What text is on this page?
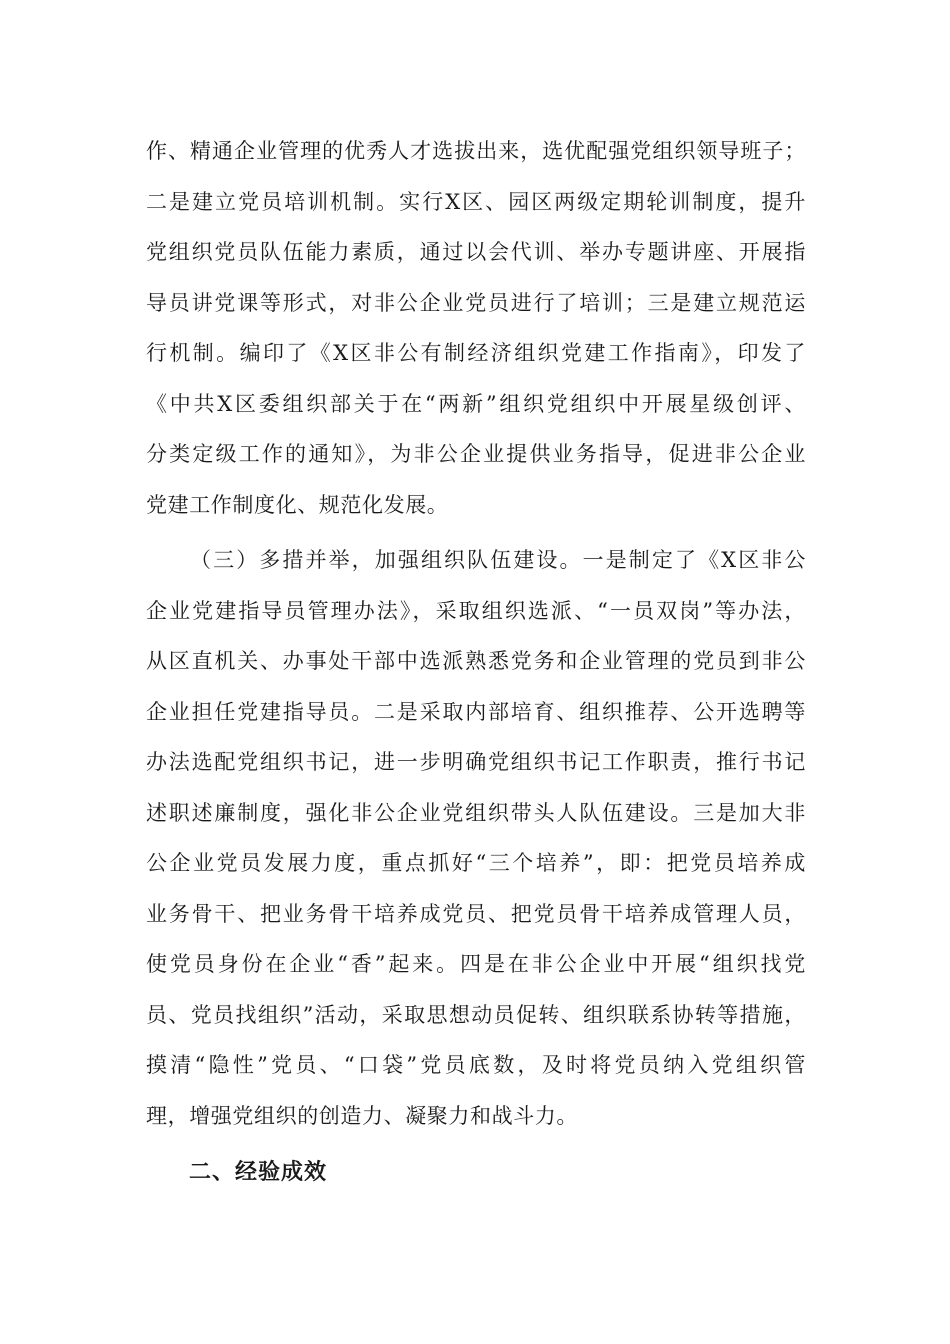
作、精通企业管理的优秀人才选拔出来，选优配强党组织领导班子；
二是建立党员培训机制。实行X区、园区两级定期轮训制度，提升
党组织党员队伍能力素质，通过以会代训、举办专题讲座、开展指
导员讲党课等形式，对非公企业党员进行了培训；三是建立规范运
行机制。编印了《X区非公有制经济组织党建工作指南》，印发了
《中共X区委组织部关于在“两新”组织党组织中开展星级创评、
分类定级工作的通知》，为非公企业提供业务指导，促进非公企业
党建工作制度化、规范化发展。
（三）多措并举，加强组织队伍建设。一是制定了《X区非公
企业党建指导员管理办法》，采取组织选派、“一员双岗”等办法，
从区直机关、办事处干部中选派熟悉党务和企业管理的党员到非公
企业担任党建指导员。二是采取内部培育、组织推荐、公开选聘等
办法选配党组织书记，进一步明确党组织书记工作职责，推行书记
述职述廉制度，强化非公企业党组织带头人队伍建设。三是加大非
公企业党员发展力度，重点抓好“三个培养”，即：把党员培养成
业务骨干、把业务骨干培养成党员、把党员骨干培养成管理人员，
使党员身份在企业“香”起来。四是在非公企业中开展“组织找党
员、党员找组织”活动，采取思想动员促转、组织联系协转等措施，
摸清“隐性”党员、“口袋”党员底数，及时将党员纳入党组织管
理，增强党组织的创造力、凝聚力和战斗力。
二、经验成效
